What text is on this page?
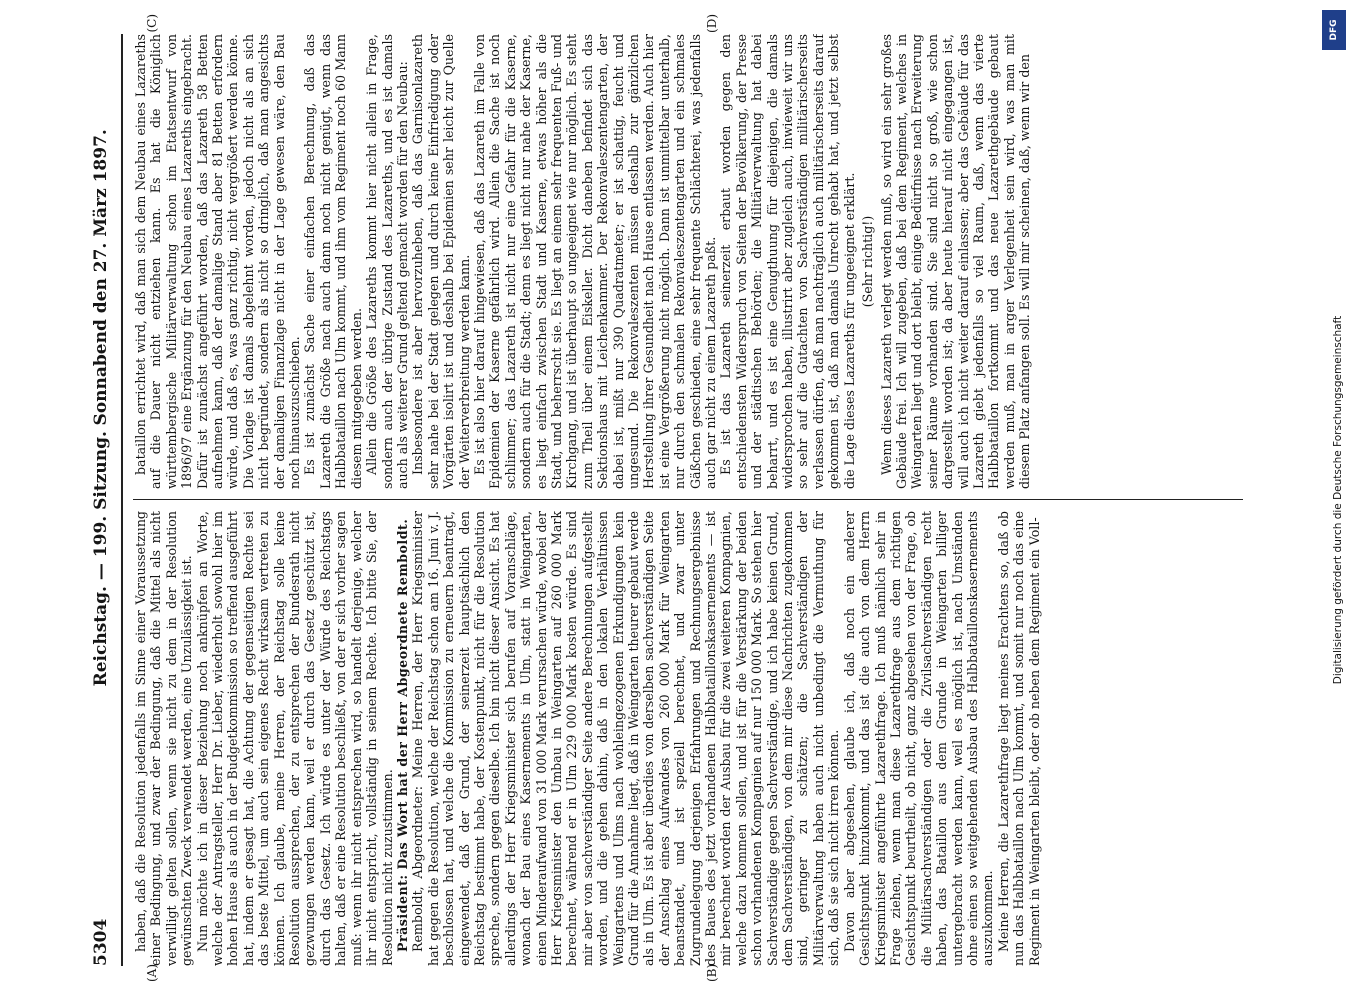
5304
Reichstag. — 199. Sitzung.
Sonnabend den 27. März 1897.

haben, daß die Resolution jedenfalls im Sinne einer Voraussetzung einer Bedingung, und zwar der Bedingung, daß die Mittel als nicht verwilligt gelten sollen, wenn sie nicht zu dem in der Resolution gewünschten Zweck verwendet werden, eine Unzulässigkeit ist. Nun möchte ich in dieser Beziehung noch anknüpfen an Worte, welche der Antragsteller, Herr Dr. Lieber, wiederholt sowohl hier im hohen Hause als auch in der Budgetkommission so treffend ausgeführt hat, indem er gesagt hat, die Achtung der gegenseitigen Rechte sei das beste Mittel, um auch sein eigenes Recht wirksam vertreten zu können. Ich glaube, meine Herren, der Reichstag solle keine Resolution aussprechen, der zu entsprechen der Bundesrath nicht gezwungen werden kann, weil er durch das Gesetz geschützt ist, durch das Gesetz. Ich würde es unter der Würde des Reichstags halten, daß er eine Resolution beschließt, von der er sich vorher sagen muß: wenn ihr nicht entsprechen wird, so handelt derjenige, welcher ihr nicht entspricht, vollständig in seinem Rechte. Ich bitte Sie, der Resolution nicht zuzustimmen. Präsident: Das Wort hat der Herr Abgeordnete Remboldt. Remboldt, Abgeordneter: Meine Herren, der Herr Kriegsminister hat gegen die Resolution, welche der Reichstag schon am 16. Juni v. J. beschlossen hat, und welche die Kommission zu erneuern beantragt, eingewendet, daß der Grund, der seinerzeit hauptsächlich den Reichstag bestimmt habe, der Kostenpunkt, nicht für die Resolution spreche, sondern gegen dieselbe. Ich bin nicht dieser Ansicht. Es hat allerdings der Herr Kriegsminister sich berufen auf Voranschläge, wonach der Bau eines Kasernements in Ulm, statt in Weingarten, einen Minderaufwand von 31 000 Mark verursachen würde, wobei der Herr Kriegsminister den Umbau in Weingarten auf 260 000 Mark berechnet, während er in Ulm 229 000 Mark kosten würde. Es sind mir aber von sachverständiger Seite andere Berechnungen aufgestellt worden, und die gehen dahin, daß in den lokalen Verhältnissen Weingartens und Ulms nach wohleingezogenen Erkundigungen kein Grund für die Annahme liegt, daß in Weingarten theurer gebaut werde als in Ulm. Es ist aber überdies von derselben sachverständigen Seite der Anschlag eines Aufwandes von 260 000 Mark für Weingarten beanstandet, und ist speziell berechnet, und zwar unter Zugrundelegung derjenigen Erfahrungen und Rechnungsergebnisse des Baues des jetzt vorhandenen Halbbataillonskasernements — ist mir berechnet worden der Ausbau für die zwei weiteren Kompagnien, welche dazu kommen sollen, und ist für die Verstärkung der beiden schon vorhandenen Kompagnien auf nur 150 000 Mark. So stehen hier Sachverständige gegen Sachverständige, und ich habe keinen Grund, dem Sachverständigen, von dem mir diese Nachrichten zugekommen sind, geringer zu schätzen; die Sachverständigen der Militärverwaltung haben auch nicht unbedingt die Vermuthung für sich, daß sie sich nicht irren können. Davon aber abgesehen, glaube ich, daß noch ein anderer Gesichtspunkt hinzukommt, und das ist die auch von dem Herrn Kriegsminister angeführte Lazarethfrage. Ich muß nämlich sehr in Frage ziehen, wenn man diese Lazarethfrage aus dem richtigen Gesichtspunkt beurtheilt, ob nicht, ganz abgesehen von der Frage, ob die Militärsachverständigen oder die Zivilsachverständigen recht haben, das Bataillon aus dem Grunde in Weingarten billiger untergebracht werden kann, weil es möglich ist, nach Umständen ohne einen so weitgehenden Ausbau des Halbbataillonskasernements auszukommen. Meine Herren, die Lazarethfrage liegt meines Erachtens so, daß ob nun das Halbbataillon nach Ulm kommt, und somit nur noch das eine Regiment in Weingarten bleibt, oder ob neben dem Regiment ein Voll-

bataillon errichtet wird, daß man sich dem Neubau eines Lazareths auf die Dauer nicht entziehen kann. Es hat die Königlich württembergische Militärverwaltung schon im Etatsentwurf von 1896/97 eine Ergänzung für den Neubau eines Lazareths eingebracht. Dafür ist zunächst angeführt worden, daß das Lazareth 58 Betten aufnehmen kann, daß der damalige Stand aber 81 Betten erfordern würde, und daß es, was ganz richtig, nicht vergrößert werden könne. Die Vorlage ist damals abgelehnt worden, jedoch nicht als an sich nicht begründet, sondern als nicht so dringlich, daß man angesichts der damaligen Finanzlage nicht in der Lage gewesen wäre, den Bau noch hinauszuschieben. Es ist zunächst Sache einer einfachen Berechnung, daß das Lazareth die Größe nach auch dann noch nicht genügt, wenn das Halbbataillon nach Ulm kommt, und ihm vom Regiment noch 60 Mann diesem mitgegeben werden. Allein die Größe des Lazareths kommt hier nicht allein in Frage, sondern auch der übrige Zustand des Lazareths, und es ist damals auch als weiterer Grund geltend gemacht worden für den Neubau: Insbesondere ist aber hervorzuheben, daß das Garnisonlazareth sehr nahe bei der Stadt gelegen und durch keine Einfriedigung oder Vorgärten isolirt ist und deshalb bei Epidemien sehr leicht zur Quelle der Weiterverbreitung werden kann. Es ist also hier darauf hingewiesen, daß das Lazareth im Falle von Epidemien der Kaserne gefährlich wird. Allein die Sache ist noch schlimmer; das Lazareth ist nicht nur eine Gefahr für die Kaserne, sondern auch für die Stadt; denn es liegt nicht nur nahe der Kaserne, es liegt einfach zwischen Stadt und Kaserne, etwas höher als die Stadt, und beherrscht sie. Es liegt an einem sehr frequenten Fuß- und Kirchgang, und ist überhaupt so ungeeignet wie nur möglich. Es steht zum Theil über einem Eiskeller. Dicht daneben befindet sich das Sektionshaus mit Leichenkammer. Der Rekonvaleszentengarten, der dabei ist, mißt nur 390 Quadratmeter; er ist schattig, feucht und ungesund. Die Rekonvaleszenten müssen deshalb zur gänzlichen Herstellung ihrer Gesundheit nach Hause entlassen werden. Auch hier ist eine Vergrößerung nicht möglich. Dann ist unmittelbar unterhalb, nur durch den schmalen Rekonvaleszentengarten und ein schmales Gäßchen geschieden, eine sehr frequente Schlächterei, was jedenfalls auch gar nicht zu einem Lazareth paßt. Es ist das Lazareth seinerzeit erbaut worden gegen den entschiedensten Widerspruch von Seiten der Bevölkerung, der Presse und der städtischen Behörden; die Militärverwaltung hat dabei beharrt, und es ist eine Genugthuung für diejenigen, die damals widersprochen haben, illustrirt aber zugleich auch, inwieweit wir uns so sehr auf die Gutachten von Sachverständigen militärischerseits verlassen dürfen, daß man nachträglich auch militärischerseits darauf gekommen ist, daß man damals Unrecht gehabt hat, und jetzt selbst die Lage dieses Lazareths für ungeeignet erklärt. (Sehr richtig!) Wenn dieses Lazareth verlegt werden muß, so wird ein sehr großes Gebäude frei. Ich will zugeben, daß bei dem Regiment, welches in Weingarten liegt und dort bleibt, einige Bedürfnisse nach Erweiterung seiner Räume vorhanden sind. Sie sind nicht so groß, wie schon dargestellt worden ist; da aber heute hierauf nicht eingegangen ist, will auch ich nicht weiter darauf einlassen; aber das Gebäude für das Lazareth giebt jedenfalls so viel Raum, daß, wenn das vierte Halbbataillon fortkommt und das neue Lazarethgebäude gebaut werden muß, man in arger Verlegenheit sein wird, was man mit diesem Platz anfangen soll. Es will mir scheinen, daß, wenn wir den

(A)	(B)
(C)	(D)	DFG
Digitalisierung gefördert durch die Deutsche Forschungsgemeinschaft
